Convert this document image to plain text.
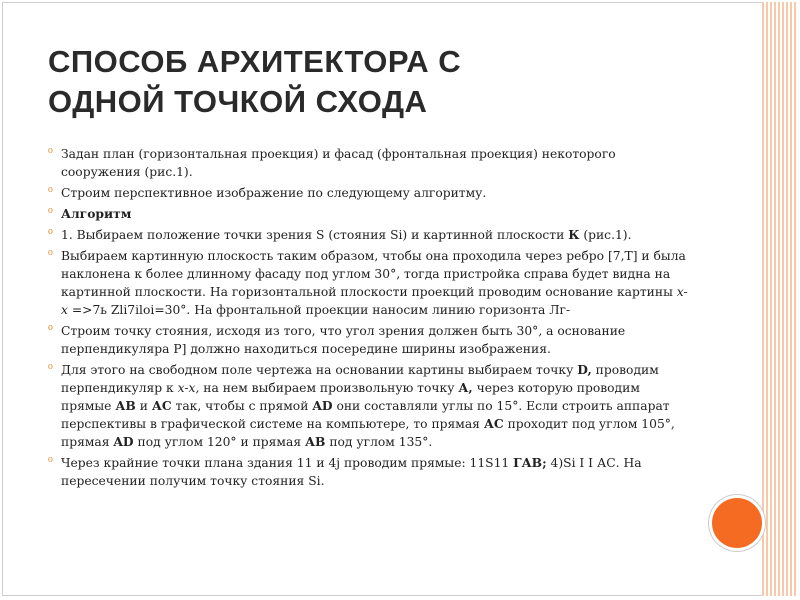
СПОСОБ АРХИТЕКТОРА С
ОДНОЙ ТОЧКОЙ СХОДА
⁰ Задан план (горизонтальная проекция) и фасад (фронтальная проекция) некоторого сооружения (рис.1).
⁰ Строим перспективное изображение по следующему алгоритму.
⁰ Алгоритм
⁰ 1. Выбираем положение точки зрения S (стояния Si) и картинной плоскости К (рис.1).
⁰ Выбираем картинную плоскость таким образом, чтобы она проходила через ребро [7,T] и была наклонена к более длинному фасаду под углом 30°, тогда пристройка справа будет видна на картинной плоскости. На горизонтальной плоскости проекций проводим основание картины x-x =>7ь Zli7iloi=30°. На фронтальной проекции наносим линию горизонта Лг-
⁰ Строим точку стояния, исходя из того, что угол зрения должен быть 30°, а основание перпендикуляра Р] должно находиться посередине ширины изображения.
⁰ Для этого на свободном поле чертежа на основании картины выбираем точку D, проводим перпендикуляр к x-x, на нем выбираем произвольную точку А, через которую проводим прямые АВ и АС так, чтобы с прямой AD они составляли углы по 15°. Если строить аппарат перспективы в графической системе на компьютере, то прямая АС проходит под углом 105°, прямая AD под углом 120° и прямая АВ под углом 135°.
⁰ Через крайние точки плана здания 11 и 4j проводим прямые: 11S11 ГАВ; 4)Si I I АС. На пересечении получим точку стояния Si.
